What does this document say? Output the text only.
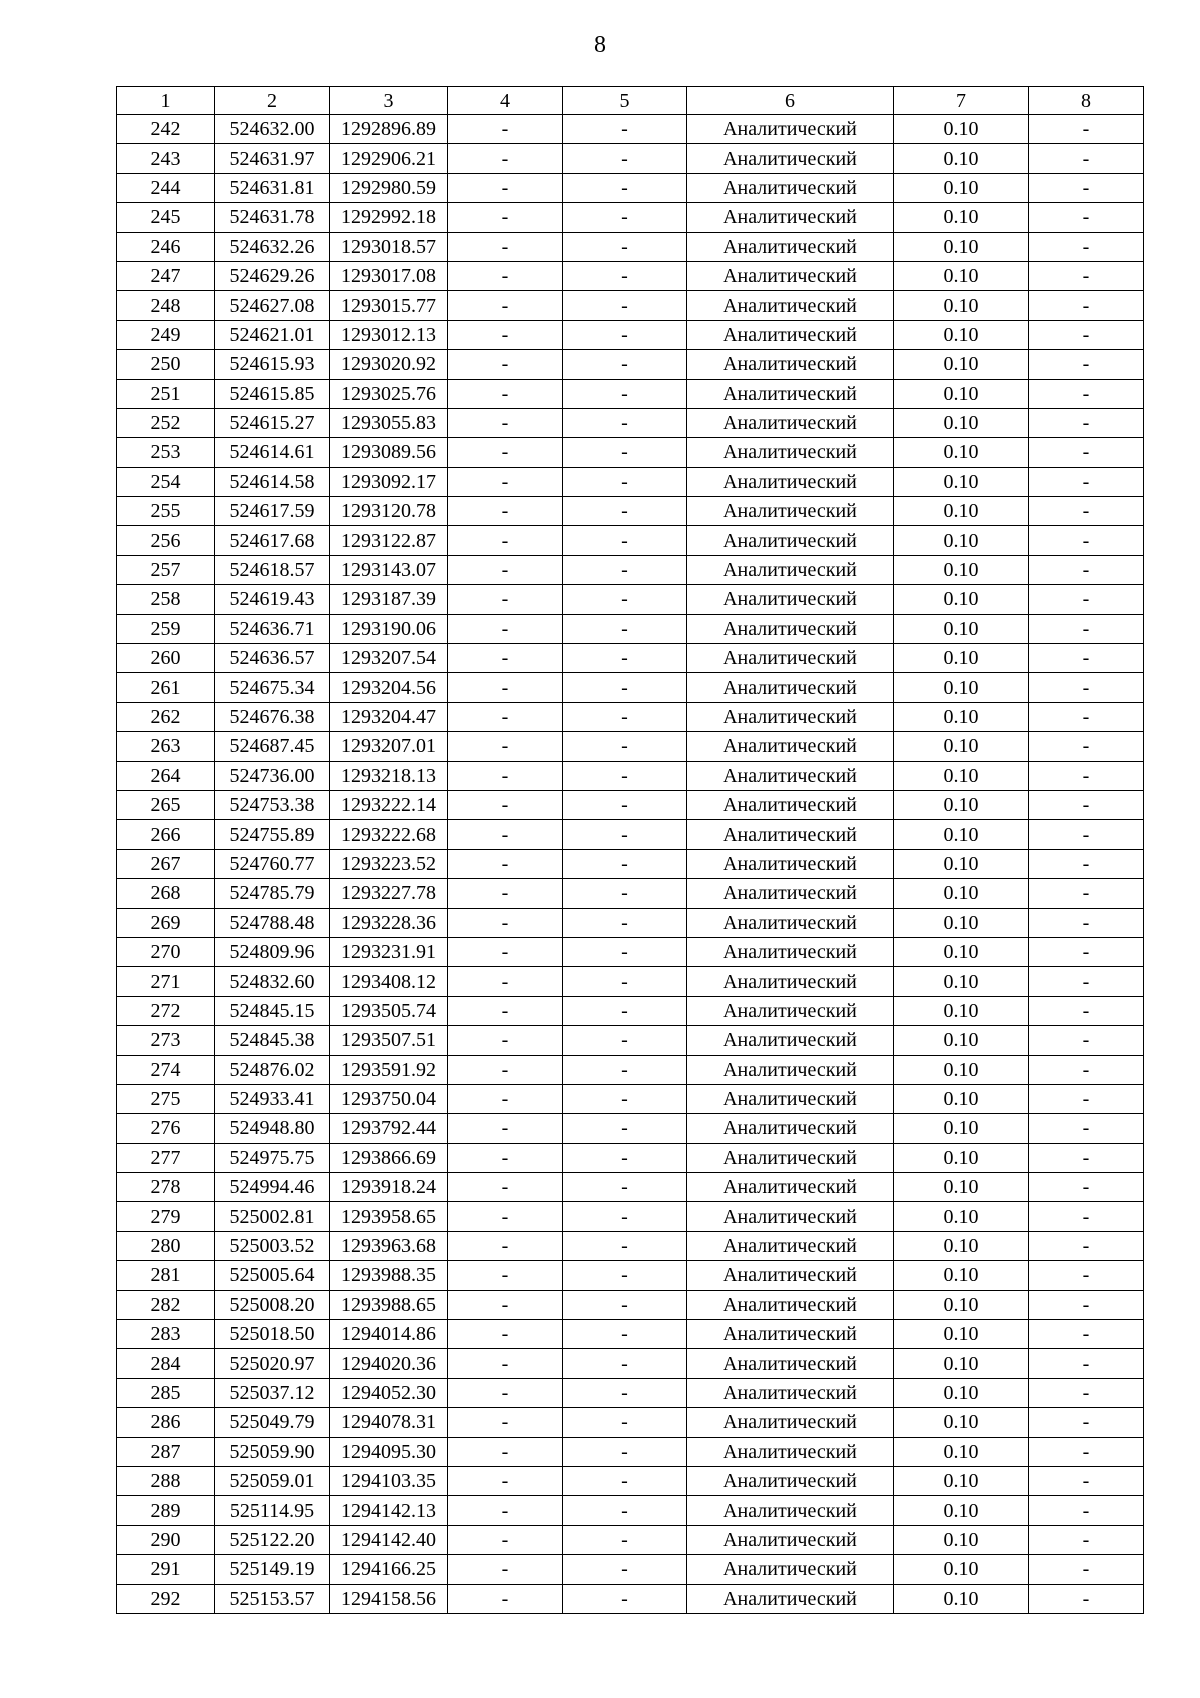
8
1	2	3	4	5	6	7	8
242	524632.00	1292896.89	-	-	Аналитический	0.10	-
243	524631.97	1292906.21	-	-	Аналитический	0.10	-
244	524631.81	1292980.59	-	-	Аналитический	0.10	-
245	524631.78	1292992.18	-	-	Аналитический	0.10	-
246	524632.26	1293018.57	-	-	Аналитический	0.10	-
247	524629.26	1293017.08	-	-	Аналитический	0.10	-
248	524627.08	1293015.77	-	-	Аналитический	0.10	-
249	524621.01	1293012.13	-	-	Аналитический	0.10	-
250	524615.93	1293020.92	-	-	Аналитический	0.10	-
251	524615.85	1293025.76	-	-	Аналитический	0.10	-
252	524615.27	1293055.83	-	-	Аналитический	0.10	-
253	524614.61	1293089.56	-	-	Аналитический	0.10	-
254	524614.58	1293092.17	-	-	Аналитический	0.10	-
255	524617.59	1293120.78	-	-	Аналитический	0.10	-
256	524617.68	1293122.87	-	-	Аналитический	0.10	-
257	524618.57	1293143.07	-	-	Аналитический	0.10	-
258	524619.43	1293187.39	-	-	Аналитический	0.10	-
259	524636.71	1293190.06	-	-	Аналитический	0.10	-
260	524636.57	1293207.54	-	-	Аналитический	0.10	-
261	524675.34	1293204.56	-	-	Аналитический	0.10	-
262	524676.38	1293204.47	-	-	Аналитический	0.10	-
263	524687.45	1293207.01	-	-	Аналитический	0.10	-
264	524736.00	1293218.13	-	-	Аналитический	0.10	-
265	524753.38	1293222.14	-	-	Аналитический	0.10	-
266	524755.89	1293222.68	-	-	Аналитический	0.10	-
267	524760.77	1293223.52	-	-	Аналитический	0.10	-
268	524785.79	1293227.78	-	-	Аналитический	0.10	-
269	524788.48	1293228.36	-	-	Аналитический	0.10	-
270	524809.96	1293231.91	-	-	Аналитический	0.10	-
271	524832.60	1293408.12	-	-	Аналитический	0.10	-
272	524845.15	1293505.74	-	-	Аналитический	0.10	-
273	524845.38	1293507.51	-	-	Аналитический	0.10	-
274	524876.02	1293591.92	-	-	Аналитический	0.10	-
275	524933.41	1293750.04	-	-	Аналитический	0.10	-
276	524948.80	1293792.44	-	-	Аналитический	0.10	-
277	524975.75	1293866.69	-	-	Аналитический	0.10	-
278	524994.46	1293918.24	-	-	Аналитический	0.10	-
279	525002.81	1293958.65	-	-	Аналитический	0.10	-
280	525003.52	1293963.68	-	-	Аналитический	0.10	-
281	525005.64	1293988.35	-	-	Аналитический	0.10	-
282	525008.20	1293988.65	-	-	Аналитический	0.10	-
283	525018.50	1294014.86	-	-	Аналитический	0.10	-
284	525020.97	1294020.36	-	-	Аналитический	0.10	-
285	525037.12	1294052.30	-	-	Аналитический	0.10	-
286	525049.79	1294078.31	-	-	Аналитический	0.10	-
287	525059.90	1294095.30	-	-	Аналитический	0.10	-
288	525059.01	1294103.35	-	-	Аналитический	0.10	-
289	525114.95	1294142.13	-	-	Аналитический	0.10	-
290	525122.20	1294142.40	-	-	Аналитический	0.10	-
291	525149.19	1294166.25	-	-	Аналитический	0.10	-
292	525153.57	1294158.56	-	-	Аналитический	0.10	-
